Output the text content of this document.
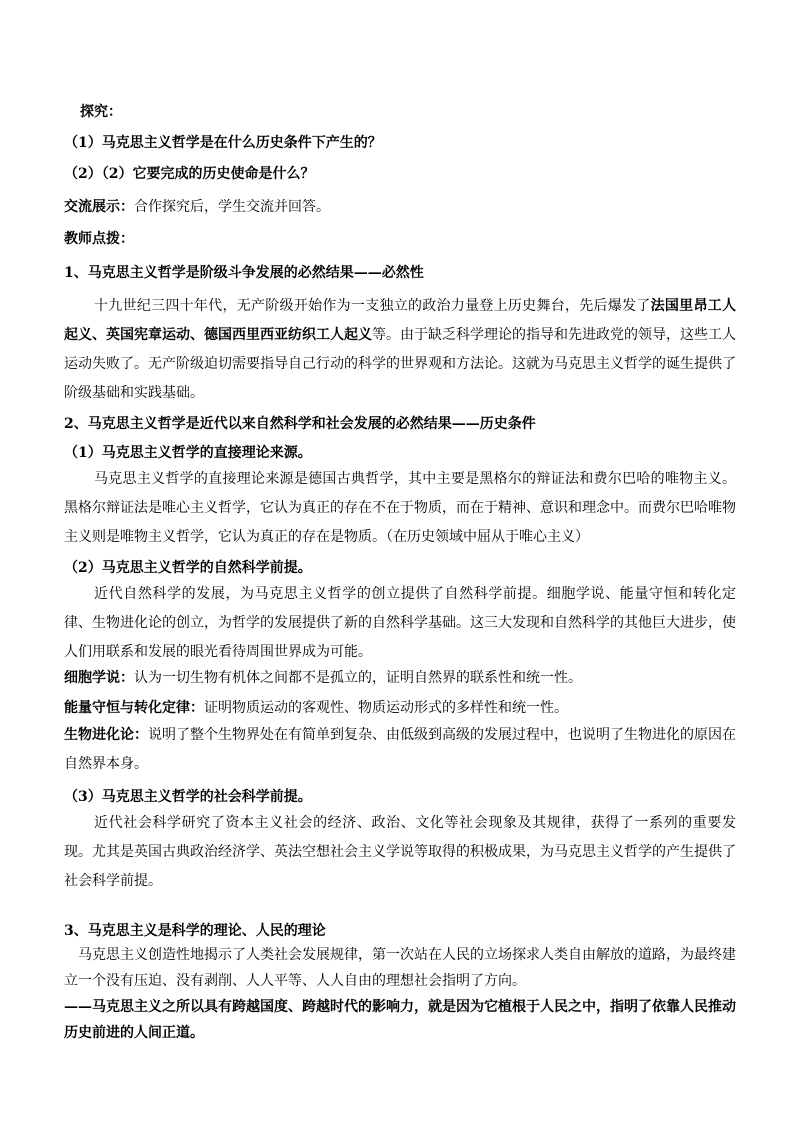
探究：
（1）马克思主义哲学是在什么历史条件下产生的？
（2）（2）它要完成的历史使命是什么？
交流展示：合作探究后，学生交流并回答。
教师点拨：
1、马克思主义哲学是阶级斗争发展的必然结果——必然性
十九世纪三四十年代，无产阶级开始作为一支独立的政治力量登上历史舞台，先后爆发了法国里昂工人起义、英国宪章运动、德国西里西亚纺织工人起义等。由于缺乏科学理论的指导和先进政党的领导，这些工人运动失败了。无产阶级迫切需要指导自己行动的科学的世界观和方法论。这就为马克思主义哲学的诞生提供了阶级基础和实践基础。
2、马克思主义哲学是近代以来自然科学和社会发展的必然结果——历史条件
（1）马克思主义哲学的直接理论来源。
马克思主义哲学的直接理论来源是德国古典哲学，其中主要是黑格尔的辩证法和费尔巴哈的唯物主义。黑格尔辩证法是唯心主义哲学，它认为真正的存在不在于物质，而在于精神、意识和理念中。而费尔巴哈唯物主义则是唯物主义哲学，它认为真正的存在是物质。（在历史领域中屈从于唯心主义）
（2）马克思主义哲学的自然科学前提。
近代自然科学的发展，为马克思主义哲学的创立提供了自然科学前提。细胞学说、能量守恒和转化定律、生物进化论的创立，为哲学的发展提供了新的自然科学基础。这三大发现和自然科学的其他巨大进步，使人们用联系和发展的眼光看待周围世界成为可能。
细胞学说：认为一切生物有机体之间都不是孤立的，证明自然界的联系性和统一性。
能量守恒与转化定律：证明物质运动的客观性、物质运动形式的多样性和统一性。
生物进化论：说明了整个生物界处在有简单到复杂、由低级到高级的发展过程中，也说明了生物进化的原因在自然界本身。
（3）马克思主义哲学的社会科学前提。
近代社会科学研究了资本主义社会的经济、政治、文化等社会现象及其规律，获得了一系列的重要发现。尤其是英国古典政治经济学、英法空想社会主义学说等取得的积极成果，为马克思主义哲学的产生提供了社会科学前提。
3、马克思主义是科学的理论、人民的理论
马克思主义创造性地揭示了人类社会发展规律，第一次站在人民的立场探求人类自由解放的道路，为最终建立一个没有压迫、没有剥削、人人平等、人人自由的理想社会指明了方向。
——马克思主义之所以具有跨越国度、跨越时代的影响力，就是因为它植根于人民之中，指明了依靠人民推动历史前进的人间正道。
